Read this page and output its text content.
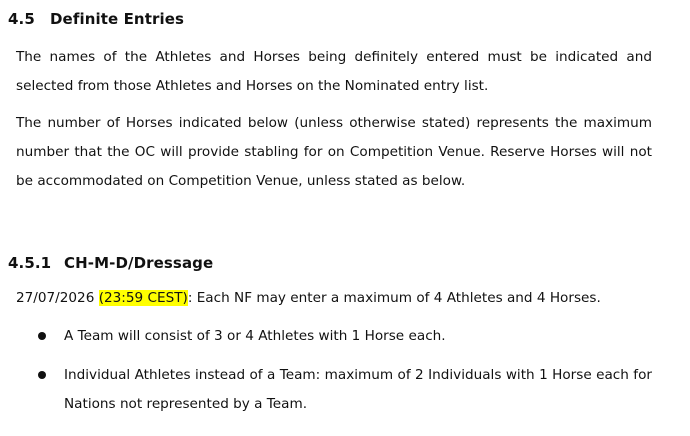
4.5 Definite Entries

The names of the Athletes and Horses being definitely entered must be indicated and selected from those Athletes and Horses on the Nominated entry list.

The number of Horses indicated below (unless otherwise stated) represents the maximum number that the OC will provide stabling for on Competition Venue. Reserve Horses will not be accommodated on Competition Venue, unless stated as below.

4.5.1 CH-M-D/Dressage

27/07/2026 (23:59 CEST): Each NF may enter a maximum of 4 Athletes and 4 Horses.

A Team will consist of 3 or 4 Athletes with 1 Horse each.

Individual Athletes instead of a Team: maximum of 2 Individuals with 1 Horse each for Nations not represented by a Team.
